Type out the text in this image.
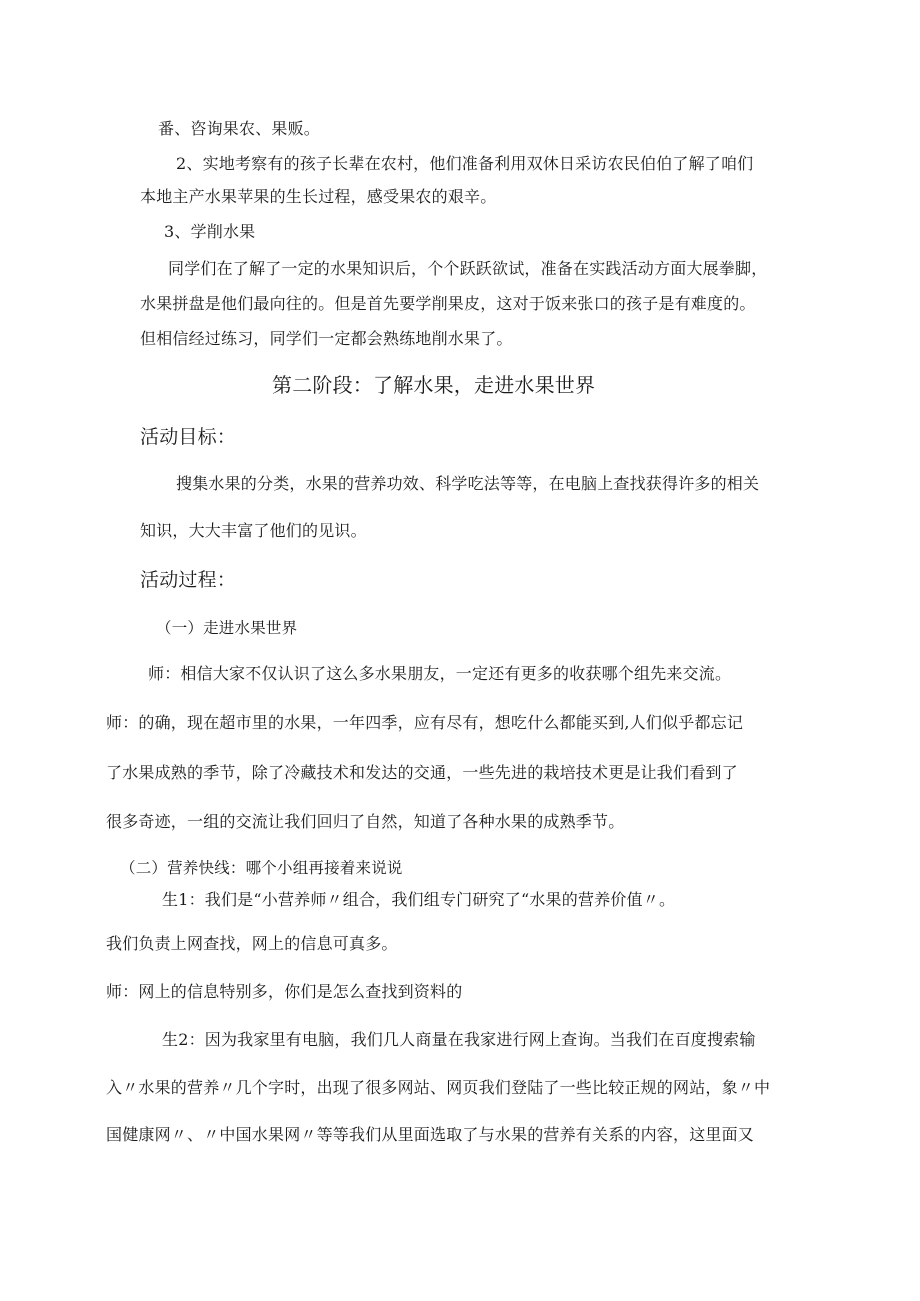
番、咨询果农、果贩。
2、实地考察有的孩子长辈在农村，他们准备利用双休日采访农民伯伯了解了咱们
本地主产水果苹果的生长过程，感受果农的艰辛。
3、学削水果
同学们在了解了一定的水果知识后，个个跃跃欲试，准备在实践活动方面大展拳脚，
水果拼盘是他们最向往的。但是首先要学削果皮，这对于饭来张口的孩子是有难度的。
但相信经过练习，同学们一定都会熟练地削水果了。
第二阶段：了解水果，走进水果世界
活动目标：
搜集水果的分类，水果的营养功效、科学吃法等等，在电脑上查找获得许多的相关
知识，大大丰富了他们的见识。
活动过程：
（一）走进水果世界
师：相信大家不仅认识了这么多水果朋友，一定还有更多的收获哪个组先来交流。
师：的确，现在超市里的水果，一年四季，应有尽有，想吃什么都能买到,人们似乎都忘记
了水果成熟的季节，除了冷藏技术和发达的交通，一些先进的栽培技术更是让我们看到了
很多奇迹，一组的交流让我们回归了自然，知道了各种水果的成熟季节。
（二）营养快线：哪个小组再接着来说说
生1：我们是“小营养师〃组合，我们组专门研究了“水果的营养价值〃。
我们负责上网查找，网上的信息可真多。
师：网上的信息特别多，你们是怎么查找到资料的
生2：因为我家里有电脑，我们几人商量在我家进行网上查询。当我们在百度搜索输
入〃水果的营养〃几个字时，出现了很多网站、网页我们登陆了一些比较正规的网站，象〃中
国健康网〃、〃中国水果网〃等等我们从里面选取了与水果的营养有关系的内容，这里面又
